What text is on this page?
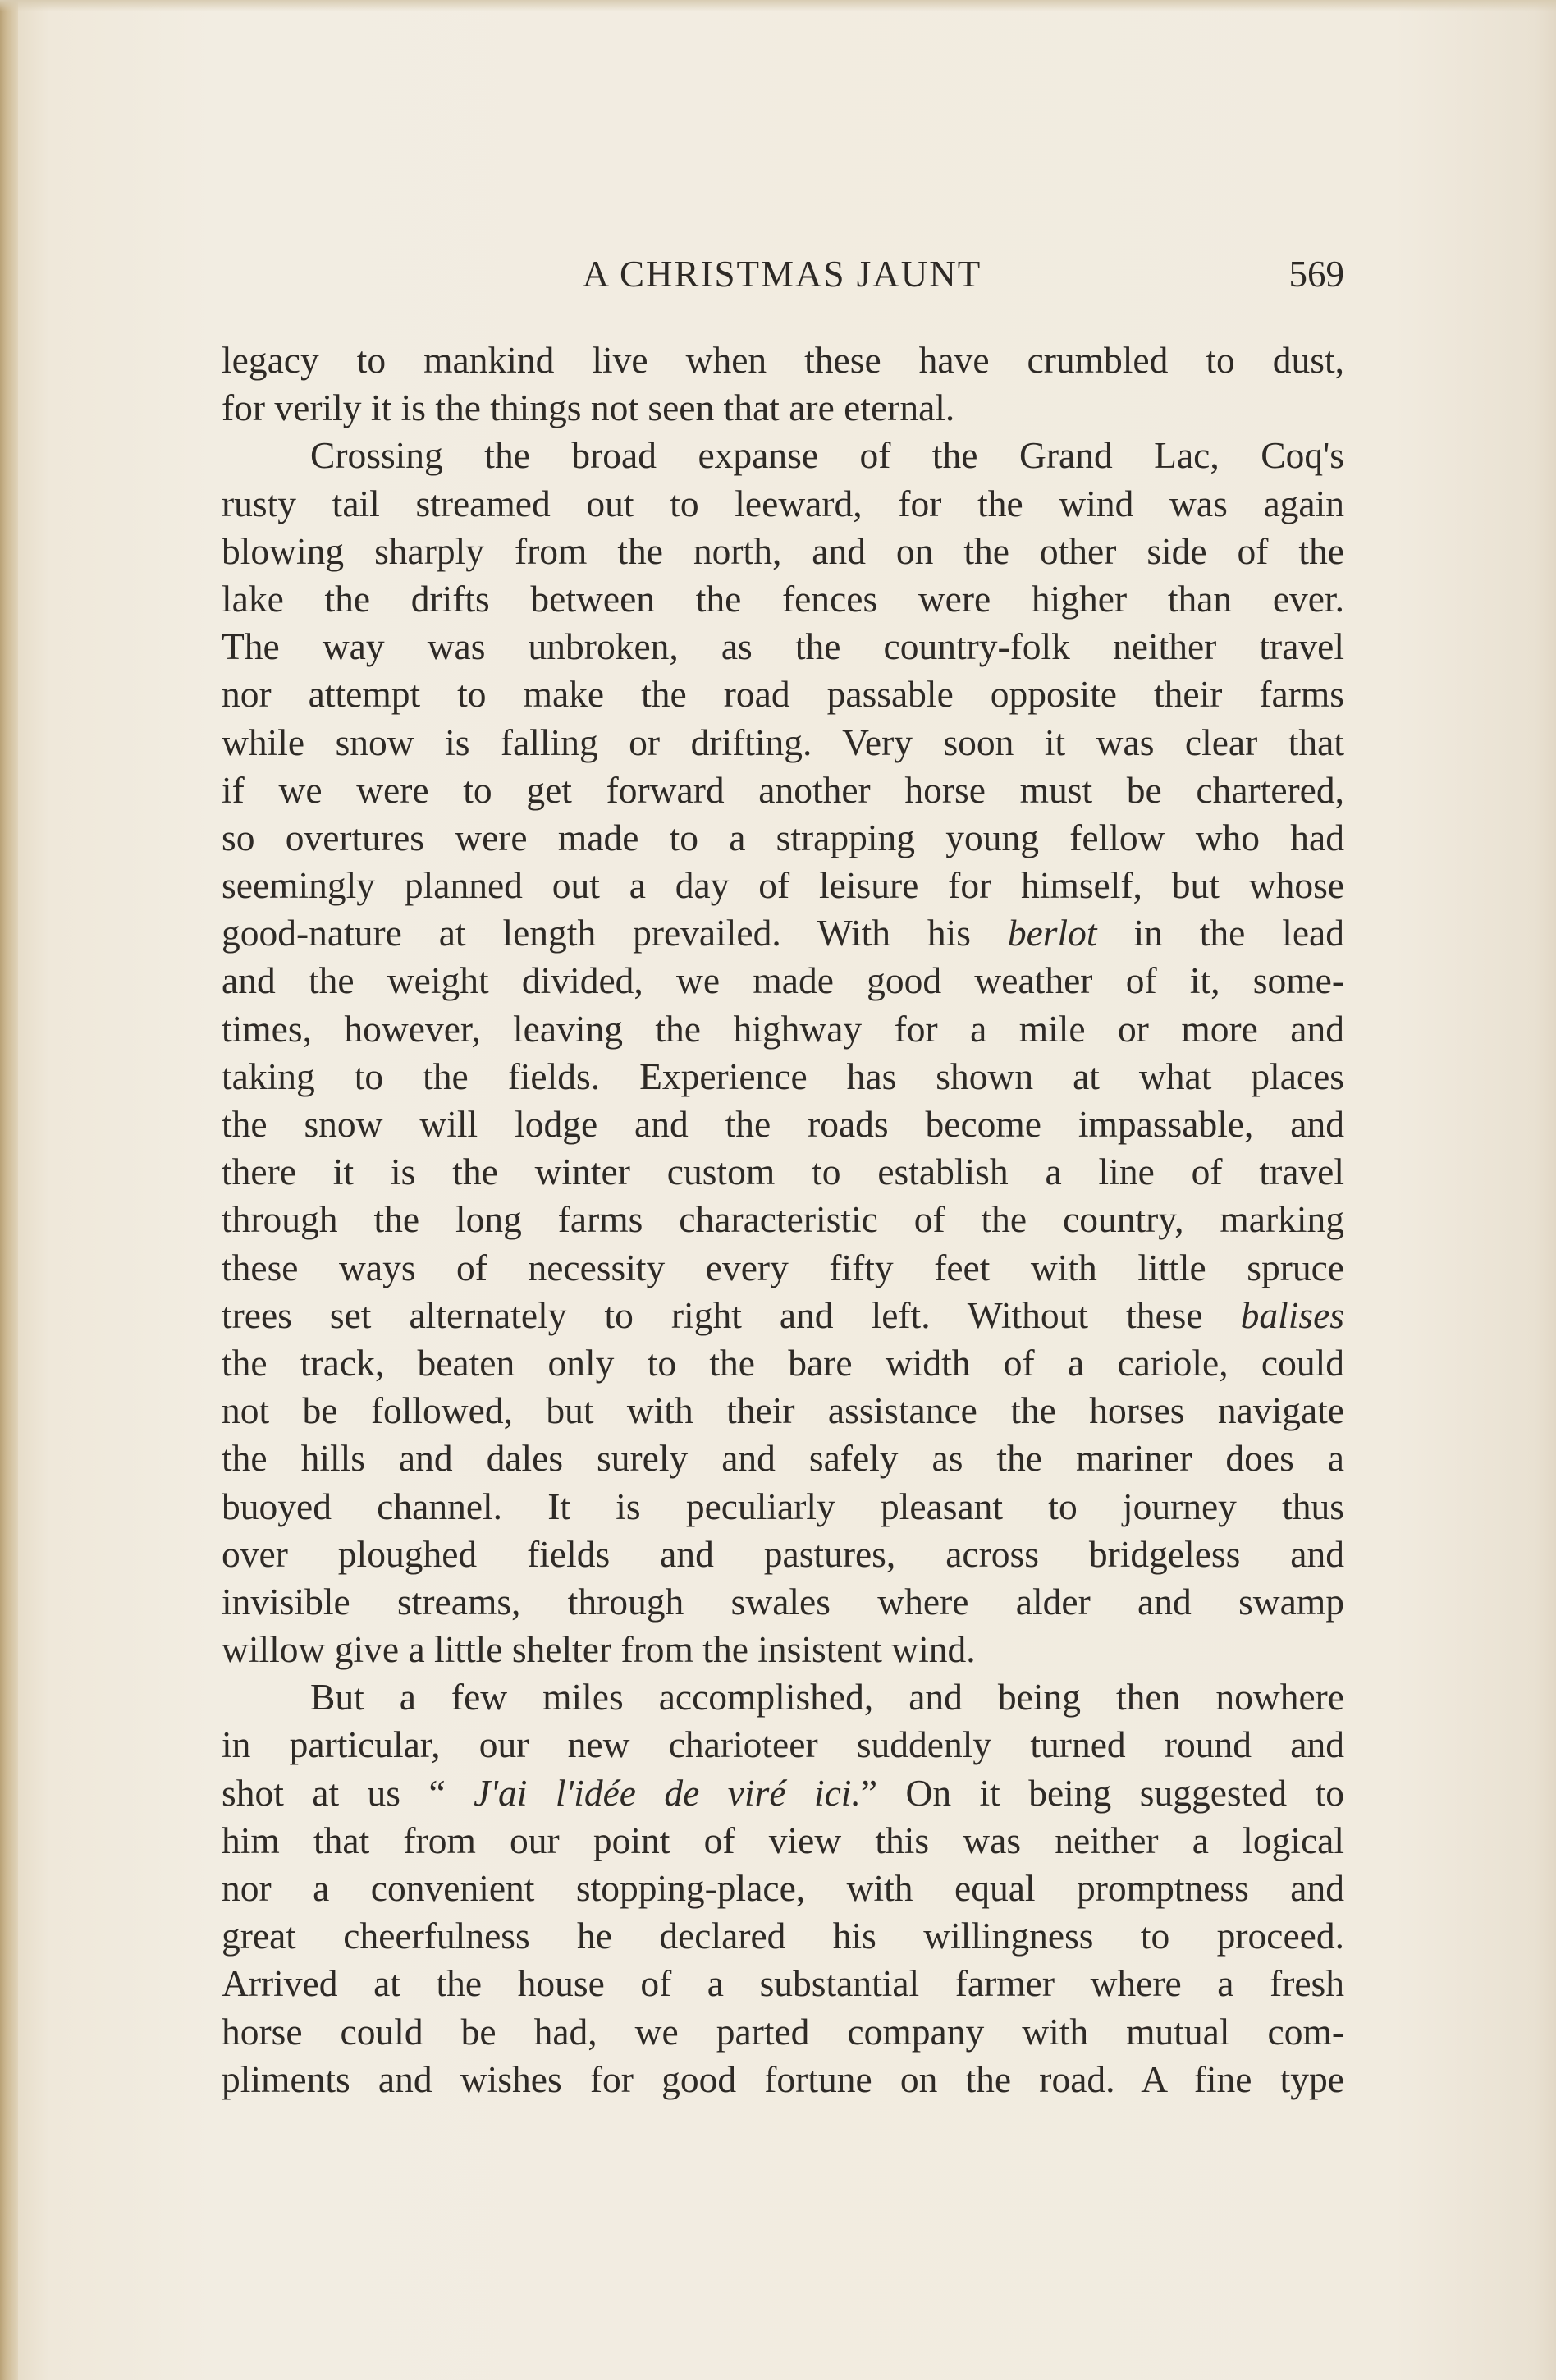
A CHRISTMAS JAUNT	569
legacy to mankind live when these have crumbled to dust,
for verily it is the things not seen that are eternal.
Crossing the broad expanse of the Grand Lac, Coq's
rusty tail streamed out to leeward, for the wind was again
blowing sharply from the north, and on the other side of the
lake the drifts between the fences were higher than ever.
The way was unbroken, as the country-folk neither travel
nor attempt to make the road passable opposite their farms
while snow is falling or drifting. Very soon it was clear that
if we were to get forward another horse must be chartered,
so overtures were made to a strapping young fellow who had
seemingly planned out a day of leisure for himself, but whose
good-nature at length prevailed. With his berlot in the lead
and the weight divided, we made good weather of it, some-
times, however, leaving the highway for a mile or more and
taking to the fields. Experience has shown at what places
the snow will lodge and the roads become impassable, and
there it is the winter custom to establish a line of travel
through the long farms characteristic of the country, marking
these ways of necessity every fifty feet with little spruce
trees set alternately to right and left. Without these balises
the track, beaten only to the bare width of a cariole, could
not be followed, but with their assistance the horses navigate
the hills and dales surely and safely as the mariner does a
buoyed channel. It is peculiarly pleasant to journey thus
over ploughed fields and pastures, across bridgeless and
invisible streams, through swales where alder and swamp
willow give a little shelter from the insistent wind.
But a few miles accomplished, and being then nowhere
in particular, our new charioteer suddenly turned round and
shot at us “ J'ai l'idée de viré ici.” On it being suggested to
him that from our point of view this was neither a logical
nor a convenient stopping-place, with equal promptness and
great cheerfulness he declared his willingness to proceed.
Arrived at the house of a substantial farmer where a fresh
horse could be had, we parted company with mutual com-
pliments and wishes for good fortune on the road. A fine type
